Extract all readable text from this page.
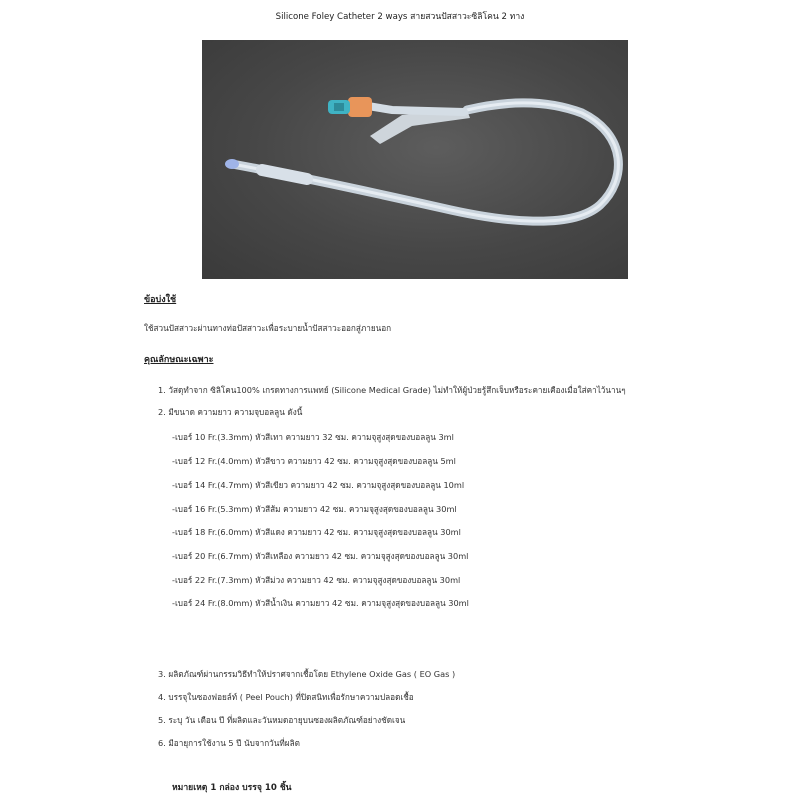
Silicone Foley Catheter 2 ways สายสวนปัสสาวะซิลิโคน 2 ทาง
ข้อบ่งใช้
ใช้สวนปัสสาวะผ่านทางท่อปัสสาวะเพื่อระบายน้ำปัสสาวะออกสู่ภายนอก
คุณลักษณะเฉพาะ
1. วัสดุทำจาก ซิลิโคน100% เกรดทางการแพทย์ (Silicone Medical Grade) ไม่ทำให้ผู้ป่วยรู้สึกเจ็บหรือระคายเคืองเมื่อใส่คาไว้นานๆ
2. มีขนาด ความยาว ความจุบอลลูน ดังนี้
-เบอร์ 10 Fr.(3.3mm) หัวสีเทา ความยาว 32 ซม. ความจุสูงสุดของบอลลูน 3ml
-เบอร์ 12 Fr.(4.0mm) หัวสีขาว ความยาว 42 ซม. ความจุสูงสุดของบอลลูน 5ml
-เบอร์ 14 Fr.(4.7mm) หัวสีเขียว ความยาว 42 ซม. ความจุสูงสุดของบอลลูน 10ml
-เบอร์ 16 Fr.(5.3mm) หัวสีส้ม ความยาว 42 ซม. ความจุสูงสุดของบอลลูน 30ml
-เบอร์ 18 Fr.(6.0mm) หัวสีแดง ความยาว 42 ซม. ความจุสูงสุดของบอลลูน 30ml
-เบอร์ 20 Fr.(6.7mm) หัวสีเหลือง ความยาว 42 ซม. ความจุสูงสุดของบอลลูน 30ml
-เบอร์ 22 Fr.(7.3mm) หัวสีม่วง ความยาว 42 ซม. ความจุสูงสุดของบอลลูน 30ml
-เบอร์ 24 Fr.(8.0mm) หัวสีน้ำเงิน ความยาว 42 ซม. ความจุสูงสุดของบอลลูน 30ml
3. ผลิตภัณฑ์ผ่านกรรมวิธีทำให้ปราศจากเชื้อโดย Ethylene Oxide Gas ( EO Gas )
4. บรรจุในซองฟอยล์ท์ ( Peel Pouch) ที่ปิดสนิทเพื่อรักษาความปลอดเชื้อ
5. ระบุ วัน เดือน ปี ที่ผลิตและวันหมดอายุบนซองผลิตภัณฑ์อย่างชัดเจน
6. มีอายุการใช้งาน 5 ปี นับจากวันที่ผลิต
หมายเหตุ 1 กล่อง บรรจุ 10 ชิ้น
